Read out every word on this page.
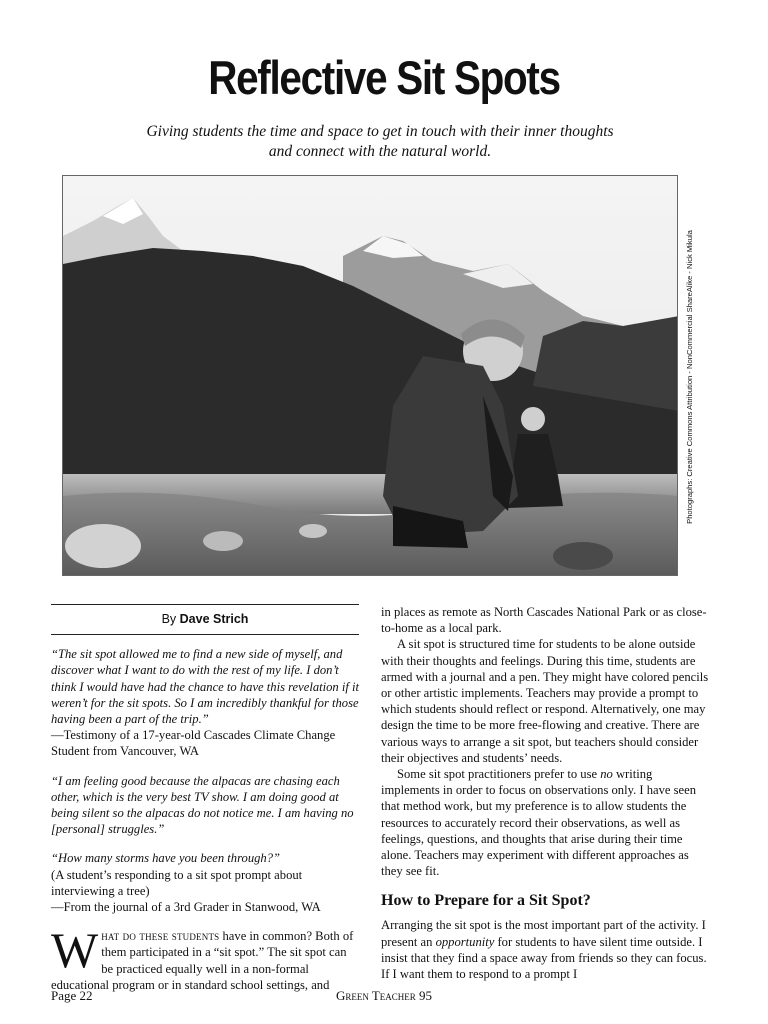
Reflective Sit Spots

Giving students the time and space to get in touch with their inner thoughts
and connect with the natural world.

Photographs: Creative Commons Attribution - NonCommercial ShareAlike - Nick Mikula
By Dave Strich

“The sit spot allowed me to find a new side of myself, and discover what I want to do with the rest of my life. I don’t think I would have had the chance to have this revelation if it weren’t for the sit spots. So I am incredibly thankful for those having been a part of the trip.”

—Testimony of a 17-year-old Cascades Climate Change Student from Vancouver, WA

“I am feeling good because the alpacas are chasing each other, which is the very best TV show. I am doing good at being silent so the alpacas do not notice me. I am having no [personal] struggles.”

“How many storms have you been through?”

(A student’s responding to a sit spot prompt about interviewing a tree)

—From the journal of a 3rd Grader in Stanwood, WA

What do these students have in common? Both of them participated in a “sit spot.” The sit spot can be practiced equally well in a non-formal educational program or in standard school settings, and

in places as remote as North Cascades National Park or as close-to-home as a local park.

A sit spot is structured time for students to be alone outside with their thoughts and feelings. During this time, students are armed with a journal and a pen. They might have colored pencils or other artistic implements. Teachers may provide a prompt to which students should reflect or respond. Alternatively, one may design the time to be more free-flowing and creative. There are various ways to arrange a sit spot, but teachers should consider their objectives and students’ needs.

Some sit spot practitioners prefer to use no writing implements in order to focus on observations only. I have seen that method work, but my preference is to allow students the resources to accurately record their observations, as well as feelings, questions, and thoughts that arise during their time alone. Teachers may experiment with different approaches as they see fit.

How to Prepare for a Sit Spot?

Arranging the sit spot is the most important part of the activity. I present an opportunity for students to have silent time outside. I insist that they find a space away from friends so they can focus. If I want them to respond to a prompt I

Page 22	Green Teacher 95
